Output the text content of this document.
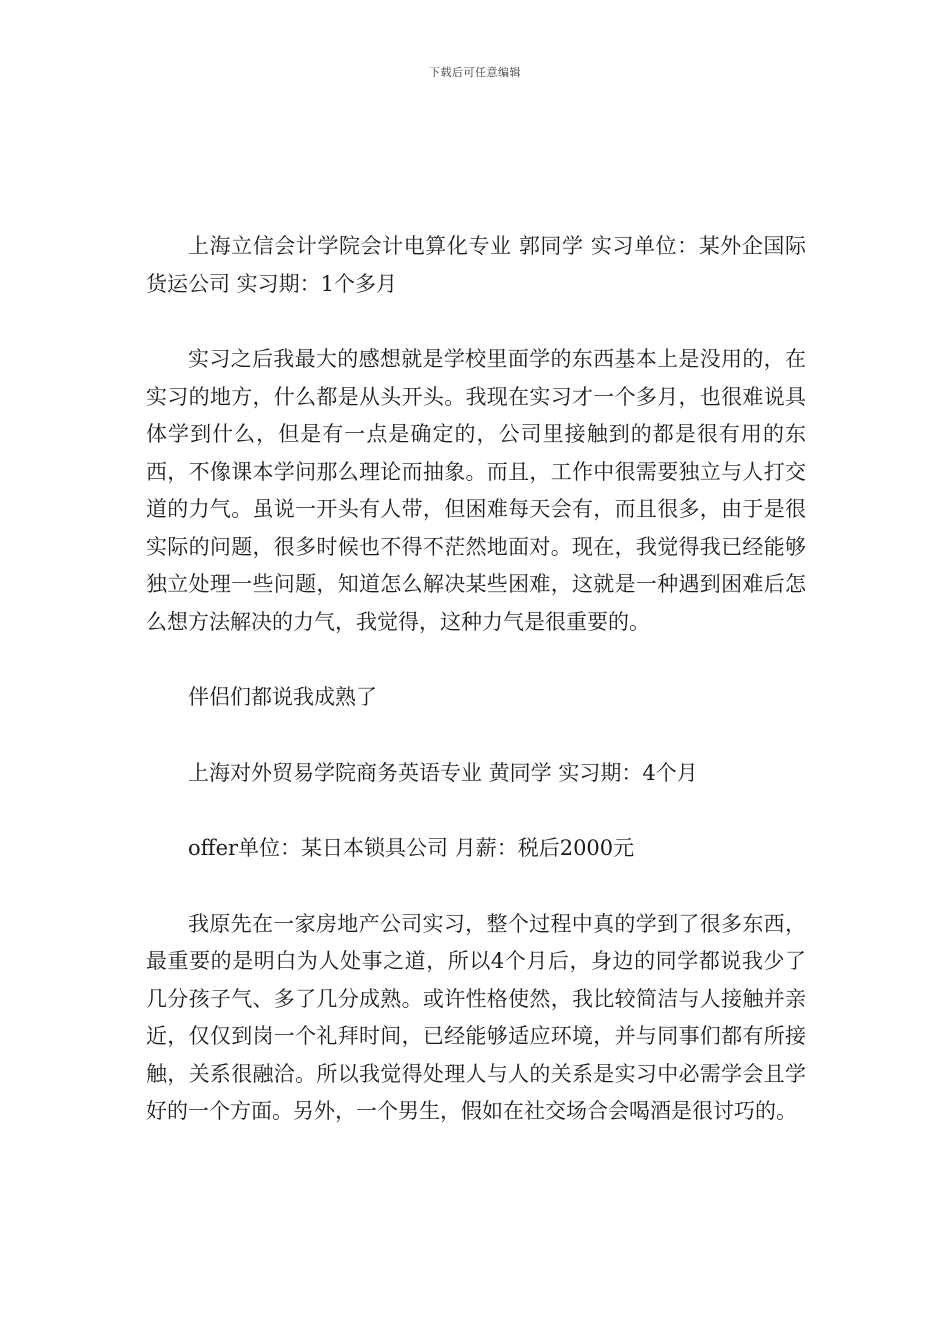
下载后可任意编辑

上海立信会计学院会计电算化专业 郭同学 实习单位：某外企国际货运公司 实习期：1个多月

实习之后我最大的感想就是学校里面学的东西基本上是没用的，在实习的地方，什么都是从头开头。我现在实习才一个多月，也很难说具体学到什么，但是有一点是确定的，公司里接触到的都是很有用的东西，不像课本学问那么理论而抽象。而且，工作中很需要独立与人打交道的力气。虽说一开头有人带，但困难每天会有，而且很多，由于是很实际的问题，很多时候也不得不茫然地面对。现在，我觉得我已经能够独立处理一些问题，知道怎么解决某些困难，这就是一种遇到困难后怎么想方法解决的力气，我觉得，这种力气是很重要的。

伴侣们都说我成熟了

上海对外贸易学院商务英语专业 黄同学 实习期：4个月

offer单位：某日本锁具公司 月薪：税后2000元

我原先在一家房地产公司实习，整个过程中真的学到了很多东西，最重要的是明白为人处事之道，所以4个月后，身边的同学都说我少了几分孩子气、多了几分成熟。或许性格使然，我比较简洁与人接触并亲近，仅仅到岗一个礼拜时间，已经能够适应环境，并与同事们都有所接触，关系很融洽。所以我觉得处理人与人的关系是实习中必需学会且学好的一个方面。另外，一个男生，假如在社交场合会喝酒是很讨巧的。
